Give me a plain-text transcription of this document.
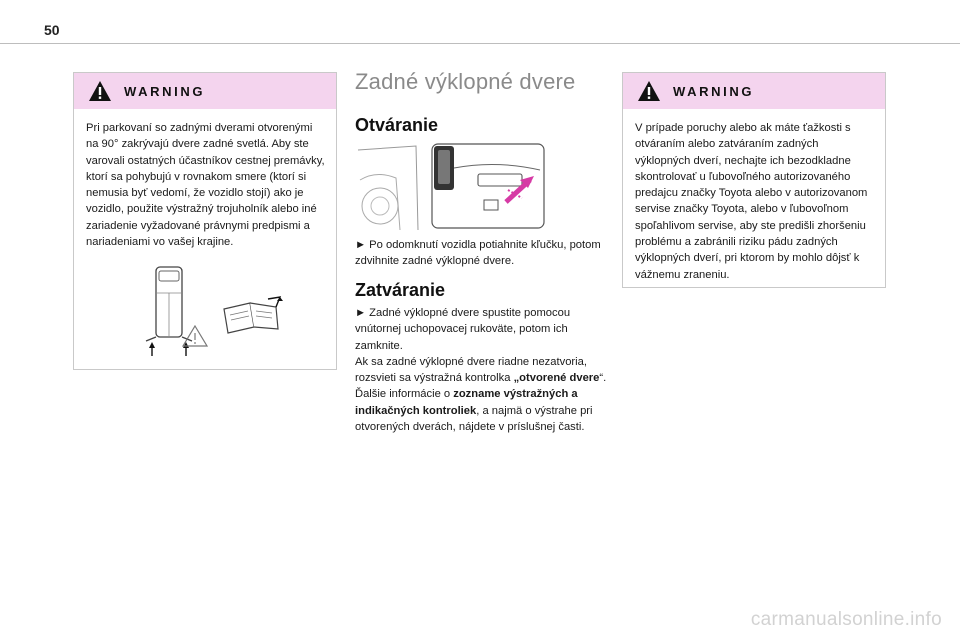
50
WARNING
Pri parkovaní so zadnými dverami otvorenými na 90° zakrývajú dvere zadné svetlá. Aby ste varovali ostatných účastníkov cestnej premávky, ktorí sa pohybujú v rovnakom smere (ktorí si nemusia byť vedomí, že vozidlo stojí) ako je vozidlo, použite výstražný trojuholník alebo iné zariadenie vyžadované právnymi predpismi a nariadeniami vo vašej krajine.
Zadné výklopné dvere
Otváranie
► Po odomknutí vozidla potiahnite kľučku, potom zdvihnite zadné výklopné dvere.
Zatváranie
► Zadné výklopné dvere spustite pomocou vnútornej uchopovacej rukoväte, potom ich zamknite.
Ak sa zadné výklopné dvere riadne nezatvoria, rozsvieti sa výstražná kontrolka „otvorené dvere“. Ďalšie informácie o zozname výstražných a indikačných kontroliek, a najmä o výstrahe pri otvorených dverách, nájdete v príslušnej časti.
WARNING
V prípade poruchy alebo ak máte ťažkosti s otváraním alebo zatváraním zadných výklopných dverí, nechajte ich bezodkladne skontrolovať u ľubovoľného autorizovaného predajcu značky Toyota alebo v autorizovanom servise značky Toyota, alebo v ľubovoľnom spoľahlivom servise, aby ste predišli zhoršeniu problému a zabránili riziku pádu zadných výklopných dverí, pri ktorom by mohlo dôjsť k vážnemu zraneniu.
carmanualsonline.info
